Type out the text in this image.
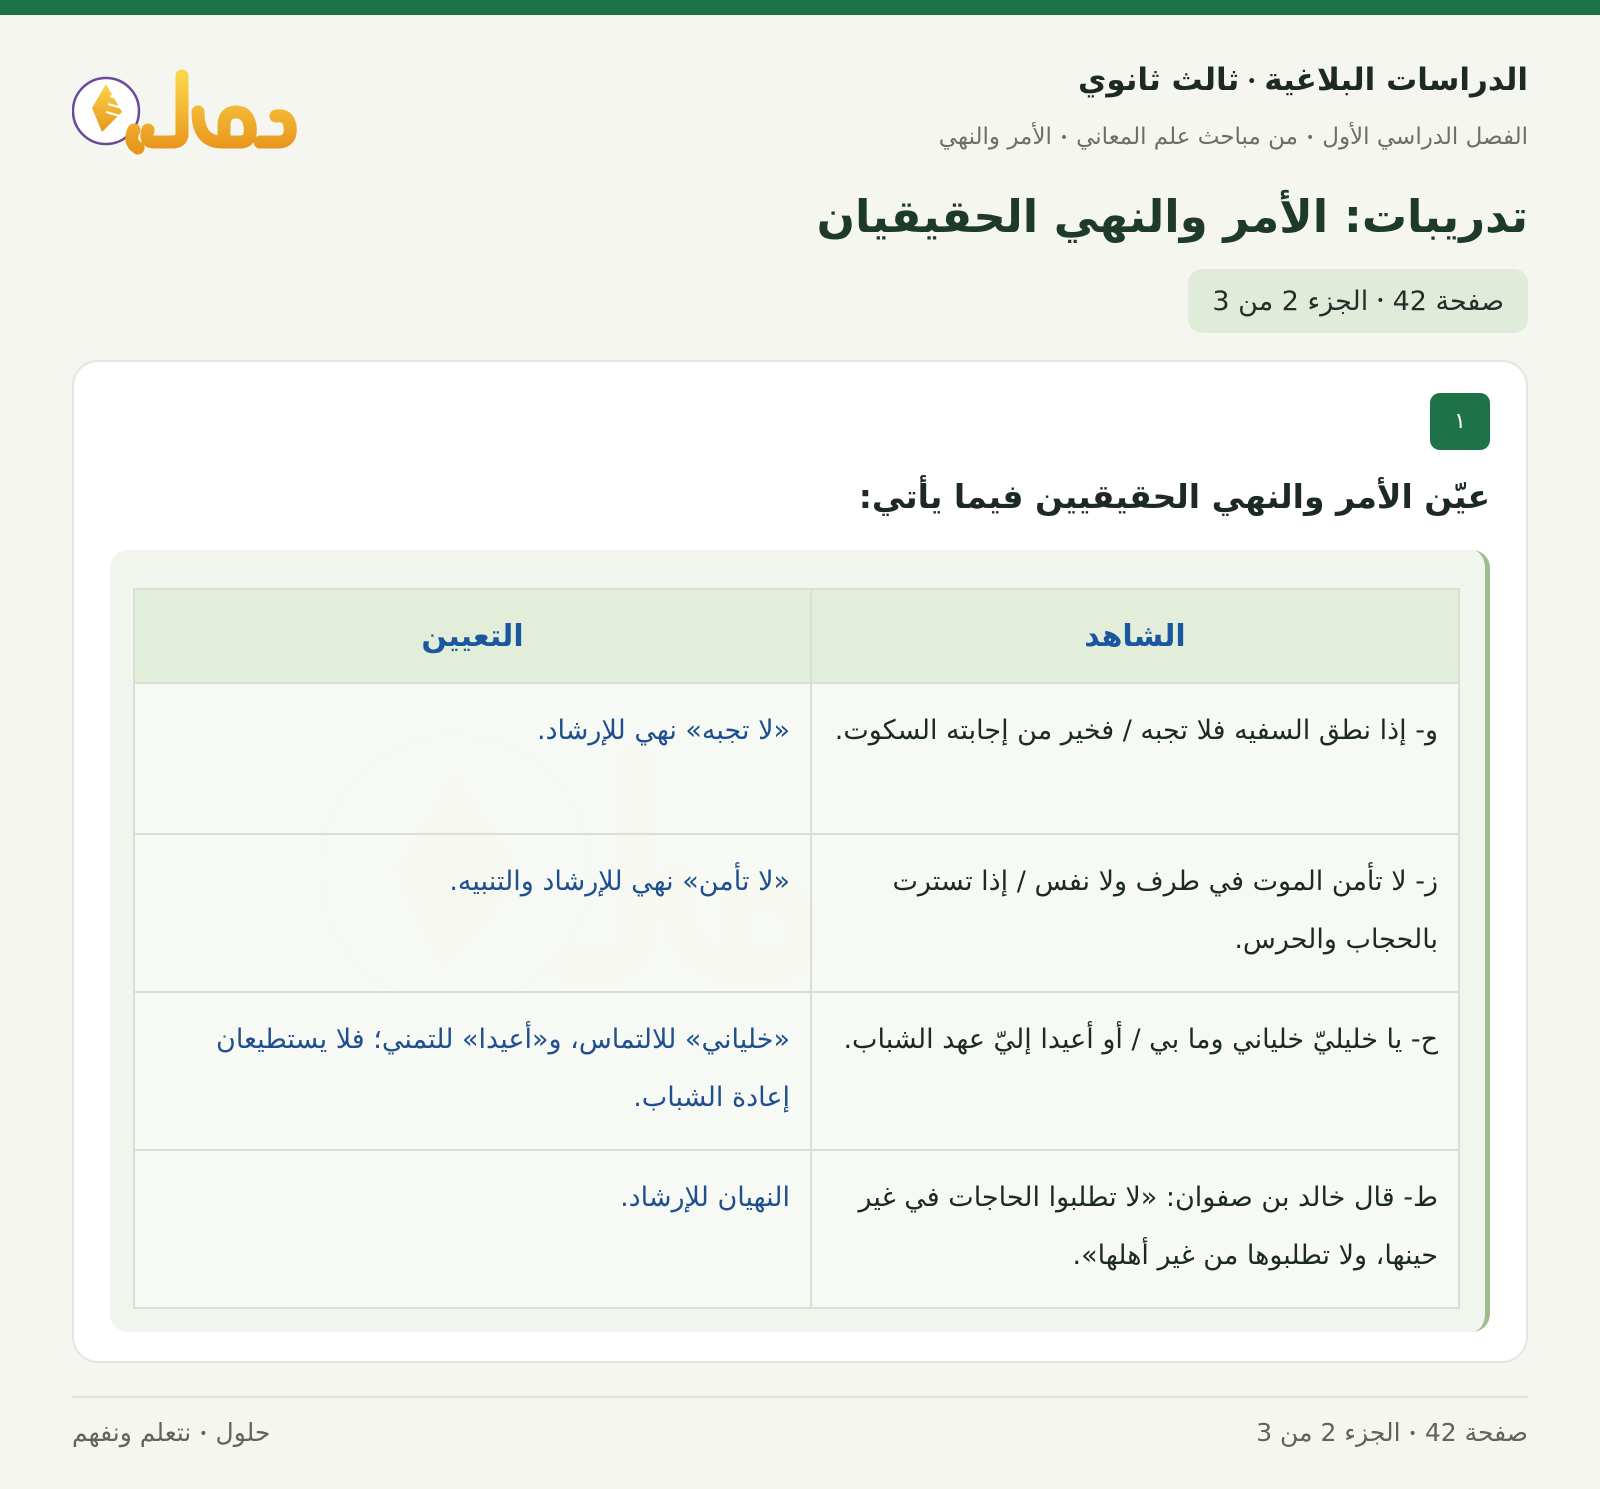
الدراسات البلاغية•ثالث ثانوي
الفصل الدراسي الأول•من مباحث علم المعاني•الأمر والنهي
تدريبات: الأمر والنهي الحقيقيان
صفحة 42
•
الجزء 2 من 3
١
عيّن الأمر والنهي الحقيقيين فيما يأتي:
الشاهد	التعيين
و- إذا نطق السفيه فلا تجبه / فخير من إجابته السكوت.	«لا تجبه» نهي للإرشاد.
ز- لا تأمن الموت في طرف ولا نفس / إذا تسترت بالحجاب والحرس.	«لا تأمن» نهي للإرشاد والتنبيه.
ح- يا خليليّ خلياني وما بي / أو أعيدا إليّ عهد الشباب.	«خلياني» للالتماس، و«أعيدا» للتمني؛ فلا يستطيعان إعادة الشباب.
ط- قال خالد بن صفوان: «لا تطلبوا الحاجات في غير حينها، ولا تطلبوها من غير أهلها».	النهيان للإرشاد.
صفحة 42•الجزء 2 من 3
حلول•نتعلم ونفهم
